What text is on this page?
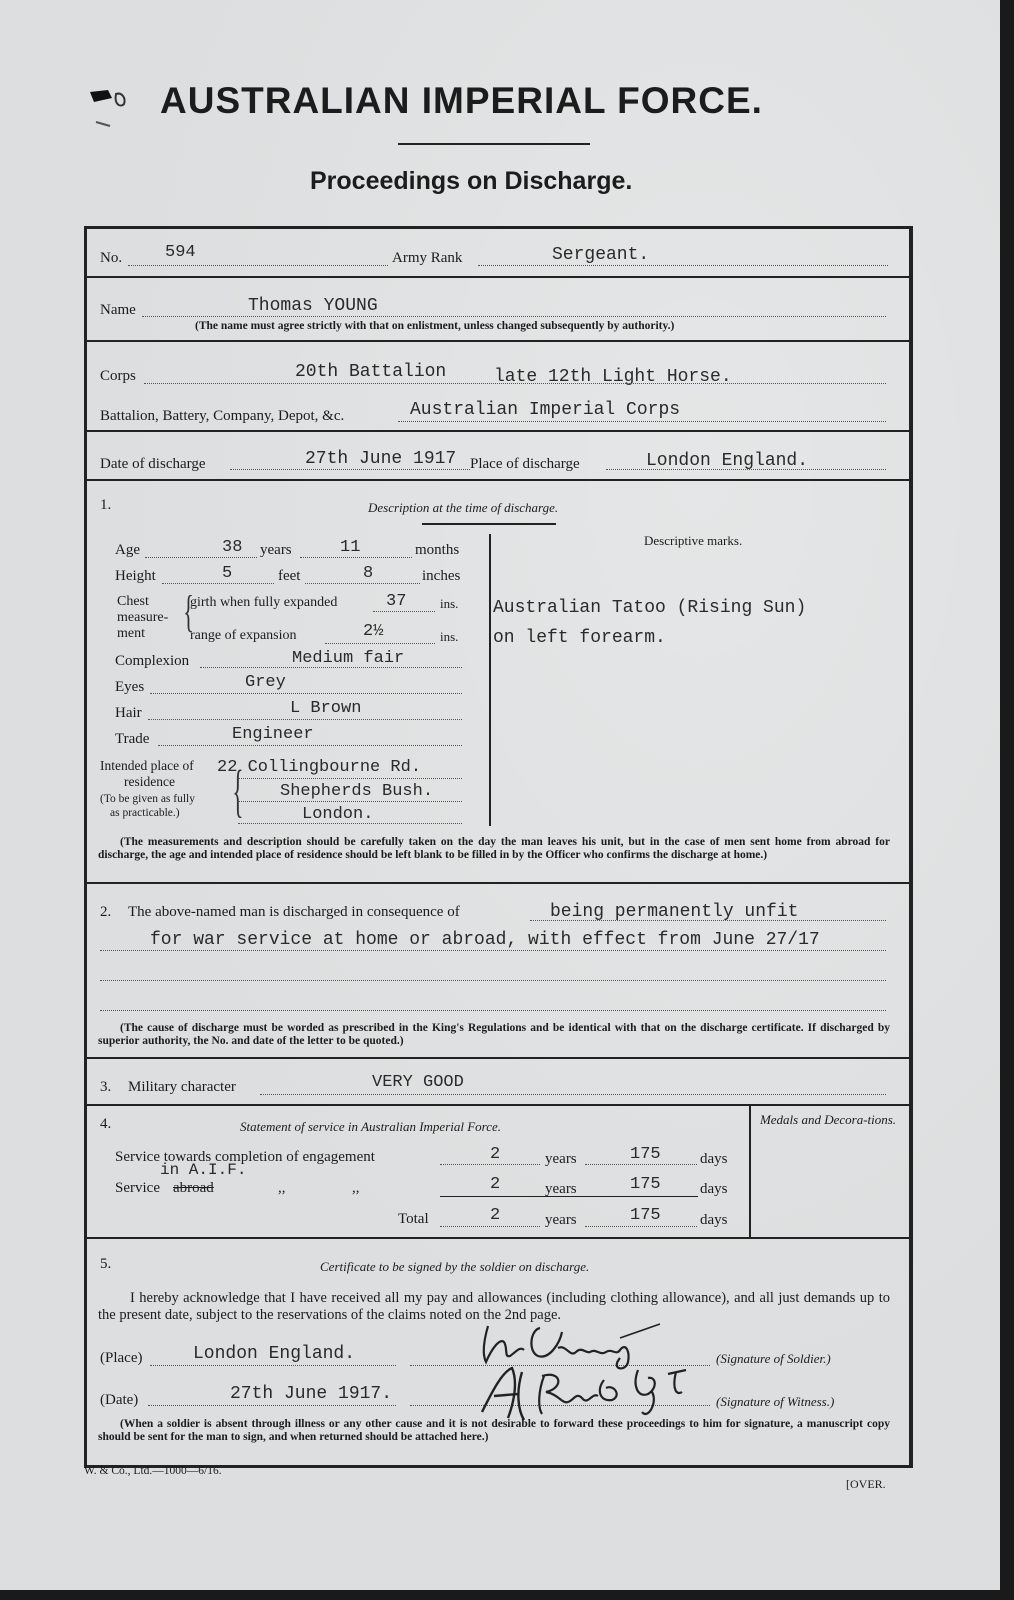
AUSTRALIAN IMPERIAL FORCE.
Proceedings on Discharge.
No.	594	Army Rank	Sergeant.
Name	Thomas YOUNG
(The name must agree strictly with that on enlistment, unless changed subsequently by authority.)
Corps	20th Battalion	late 12th Light Horse.
Battalion, Battery, Company, Depot, &c.	Australian Imperial Corps
Date of discharge	27th June 1917 Place of discharge	London England.
1.	Description at the time of discharge.
Descriptive marks.
Australian Tatoo (Rising Sun)
on left forearm.
Age	38 years	11	months
Height	5	feet	8	inches
Chest
measure-
ment {
girth when fully expanded	37	ins.
range of expansion	2½	ins.
Complexion	Medium fair
Eyes	Grey
Hair	L Brown
Trade	Engineer
Intended place of
residence
(To be given as fully
as practicable.) {
22 Collingbourne Rd.
Shepherds Bush.
London.
(The measurements and description should be carefully taken on the day the man leaves his unit, but in the case of men sent home from abroad for discharge, the age and intended place of residence should be left blank to be filled in by the Officer who confirms the discharge at home.)
2. The above-named man is discharged in consequence of	being permanently unfit
for war service at home or abroad, with effect from June 27/17
(The cause of discharge must be worded as prescribed in the King's Regulations and be identical with that on the discharge certificate. If discharged by superior authority, the No. and date of the letter to be quoted.)
3. Military character	VERY GOOD
4.	Statement of service in Australian Imperial Force.	Medals and Decora-tions.
Service towards completion of engagement	2	years	175	days
in A.I.F.
Service abroad	,,	,,	2	years	175	days
Total	2	years	175	days
5.	Certificate to be signed by the soldier on discharge.
I hereby acknowledge that I have received all my pay and allowances (including clothing allowance), and all just demands up to the present date, subject to the reservations of the claims noted on the 2nd page.
(Place)	London England.	(Signature of Soldier.)
(Date)	27th June 1917.	(Signature of Witness.)
(When a soldier is absent through illness or any other cause and it is not desirable to forward these proceedings to him for signature, a manuscript copy should be sent for the man to sign, and when returned should be attached here.)
W. & Co., Ltd.—1000—6/16.
[OVER.
